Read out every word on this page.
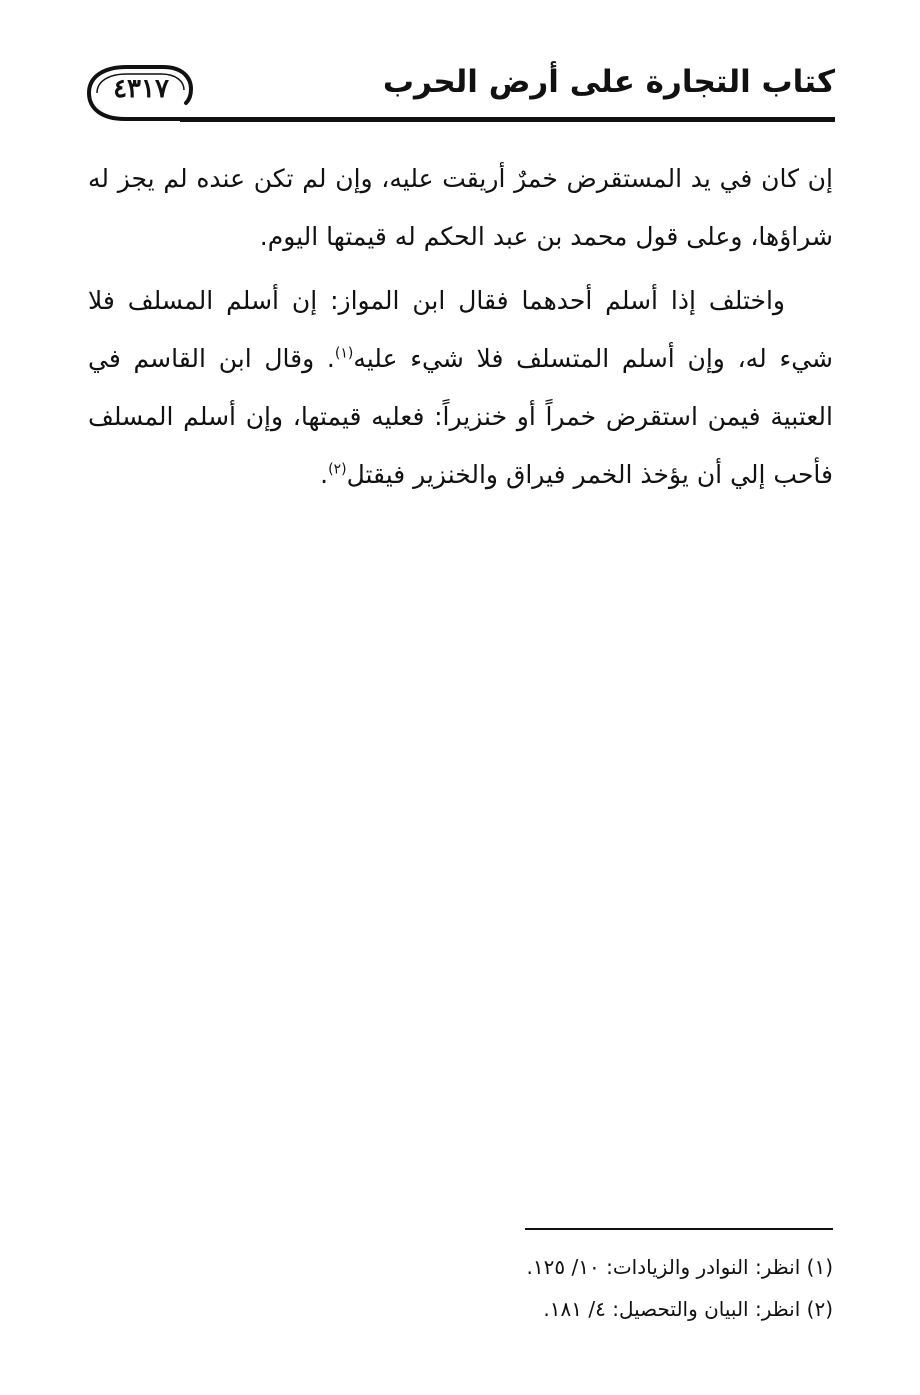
٤٣١٧	كتاب التجارة على أرض الحرب

إن كان في يد المستقرض خمرٌ أريقت عليه، وإن لم تكن عنده لم يجز له شراؤها، وعلى قول محمد بن عبد الحكم له قيمتها اليوم.

واختلف إذا أسلم أحدهما فقال ابن المواز: إن أسلم المسلف فلا شيء له، وإن أسلم المتسلف فلا شيء عليه$^{(١)}$. وقال ابن القاسم في العتبية فيمن استقرض خمراً أو خنزيراً: فعليه قيمتها، وإن أسلم المسلف فأحب إلي أن يؤخذ الخمر فيراق والخنزير فيقتل$^{(٢)}$.

(١) انظر: النوادر والزيادات: ١٠/ ١٢٥.
(٢) انظر: البيان والتحصيل: ٤/ ١٨١.
